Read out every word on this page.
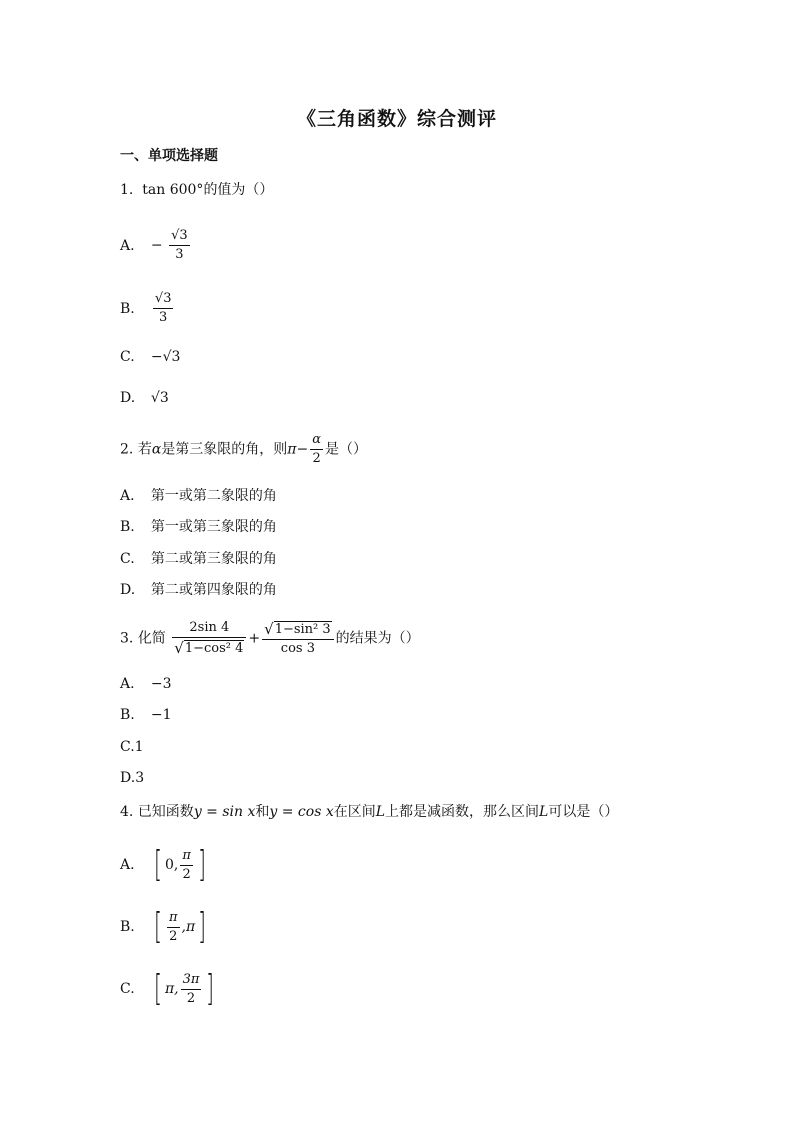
《三角函数》综合测评
一、单项选择题
1. tan 600°的值为（）
A. − $\frac{√3}{3}$
B. $\frac{√3}{3}$
C. −√3
D. √3
2. 若α是第三象限的角，则$\pi- \frac{\alpha}{2}$ 是（）
A. 第一或第二象限的角
B. 第一或第三象限的角
C. 第二或第三象限的角
D. 第二或第四象限的角
3. 化简 $\frac{2\sin 4}{\text{√ 1−cos² 4}} + \frac{\text{√ 1−sin² 3}}{\cos 3}$ 的结果为（）
A. −3
B. −1
C.1
D.3
4. 已知函数y = sin x和y = cos x在区间L上都是减函数，那么区间L可以是（）
A. [ 0, $\frac{\pi}{2}$ ]
B. [ $\frac{\pi}{2} ,\pi$ ]
C. [ π, $\frac{3\pi}{2}$ ]
